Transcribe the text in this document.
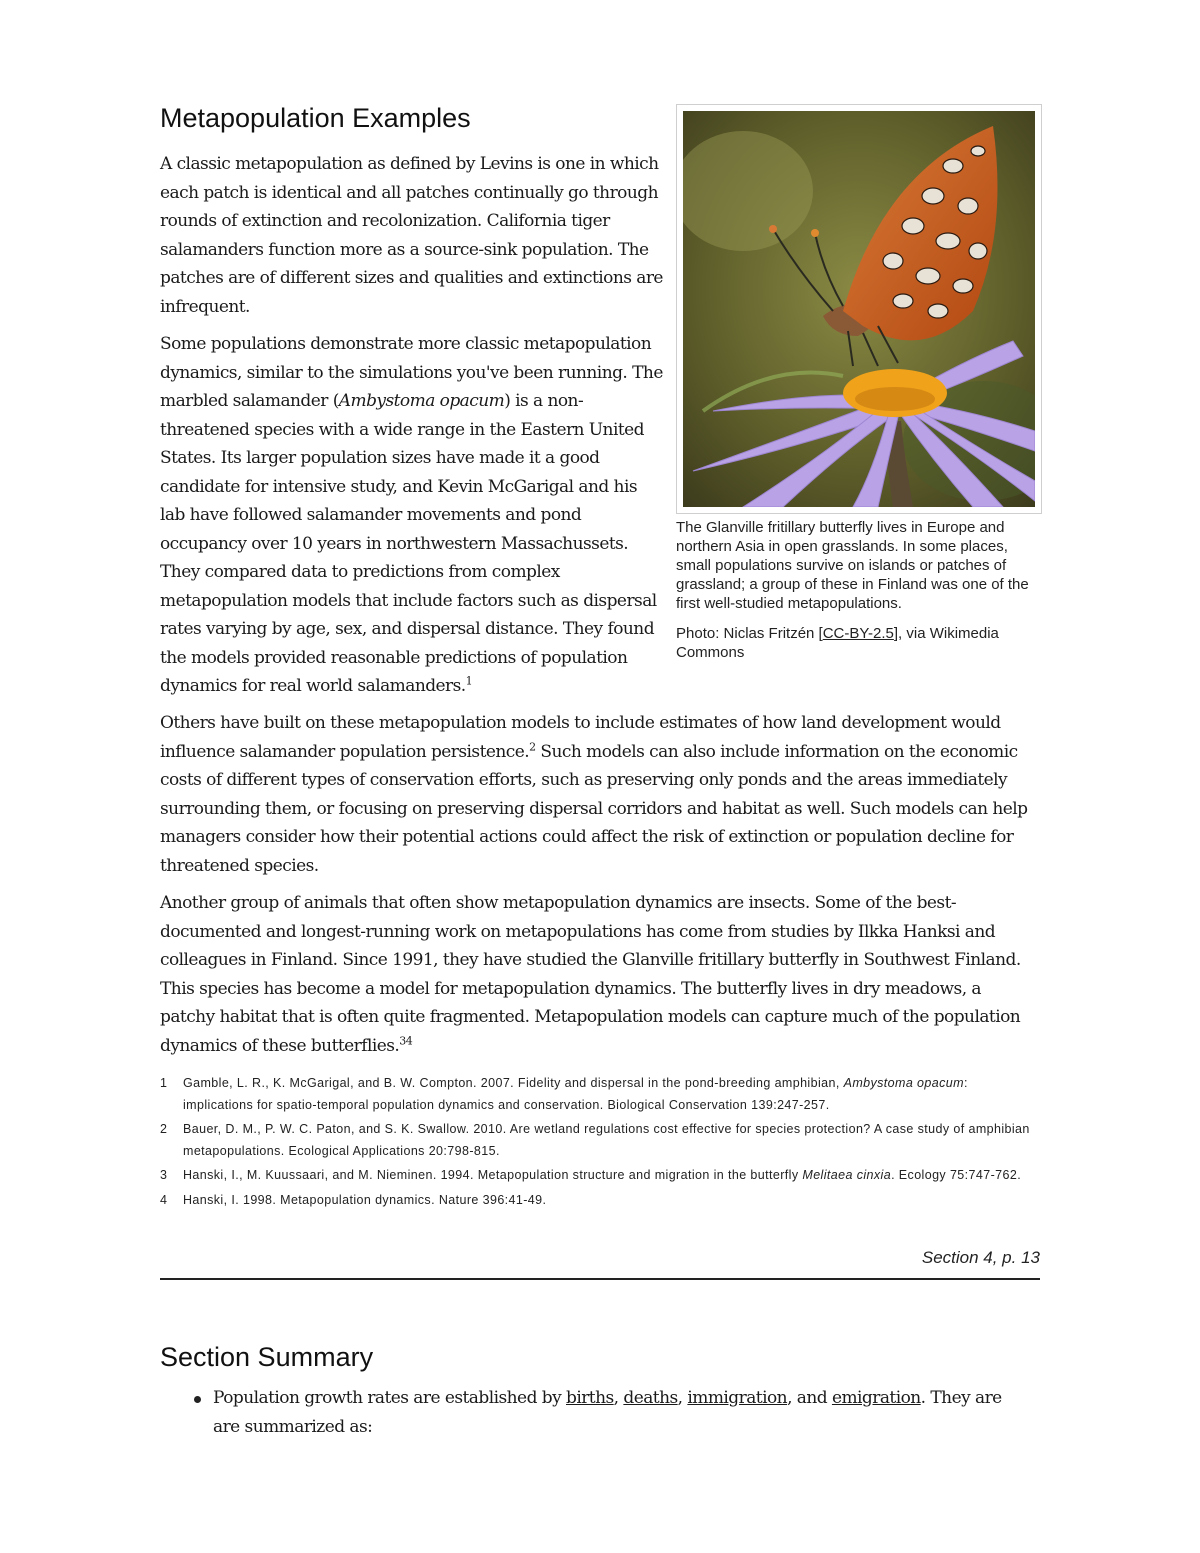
Metapopulation Examples

A classic metapopulation as defined by Levins is one in which each patch is identical and all patches continually go through rounds of extinction and recolonization. California tiger salamanders function more as a source-sink population. The patches are of different sizes and qualities and extinctions are infrequent.

Some populations demonstrate more classic metapopulation dynamics, similar to the simulations you've been running. The marbled salamander (Ambystoma opacum) is a non-threatened species with a wide range in the Eastern United States. Its larger population sizes have made it a good candidate for intensive study, and Kevin McGarigal and his lab have followed salamander movements and pond occupancy over 10 years in northwestern Massachussets. They compared data to predictions from complex metapopulation models that include factors such as dispersal rates varying by age, sex, and dispersal distance. They found the models provided reasonable predictions of population dynamics for real world salamanders.$^1$

The Glanville fritillary butterfly lives in Europe and northern Asia in open grasslands. In some places, small populations survive on islands or patches of grassland; a group of these in Finland was one of the first well-studied metapopulations.

Photo: Niclas Fritzén [CC-BY-2.5], via Wikimedia Commons

Others have built on these metapopulation models to include estimates of how land development would influence salamander population persistence.$^2$ Such models can also include information on the economic costs of different types of conservation efforts, such as preserving only ponds and the areas immediately surrounding them, or focusing on preserving dispersal corridors and habitat as well. Such models can help managers consider how their potential actions could affect the risk of extinction or population decline for threatened species.

Another group of animals that often show metapopulation dynamics are insects. Some of the best-documented and longest-running work on metapopulations has come from studies by Ilkka Hanksi and colleagues in Finland. Since 1991, they have studied the Glanville fritillary butterfly in Southwest Finland. This species has become a model for metapopulation dynamics. The butterfly lives in dry meadows, a patchy habitat that is often quite fragmented. Metapopulation models can capture much of the population dynamics of these butterflies.$^{34}$

1 Gamble, L. R., K. McGarigal, and B. W. Compton. 2007. Fidelity and dispersal in the pond-breeding amphibian, Ambystoma opacum: implications for spatio-temporal population dynamics and conservation. Biological Conservation 139:247-257.
2 Bauer, D. M., P. W. C. Paton, and S. K. Swallow. 2010. Are wetland regulations cost effective for species protection? A case study of amphibian metapopulations. Ecological Applications 20:798-815.
3 Hanski, I., M. Kuussaari, and M. Nieminen. 1994. Metapopulation structure and migration in the butterfly Melitaea cinxia. Ecology 75:747-762.
4 Hanski, I. 1998. Metapopulation dynamics. Nature 396:41-49.
Section 4, p. 13
Section Summary
Population growth rates are established by births, deaths, immigration, and emigration. They are are summarized as:
